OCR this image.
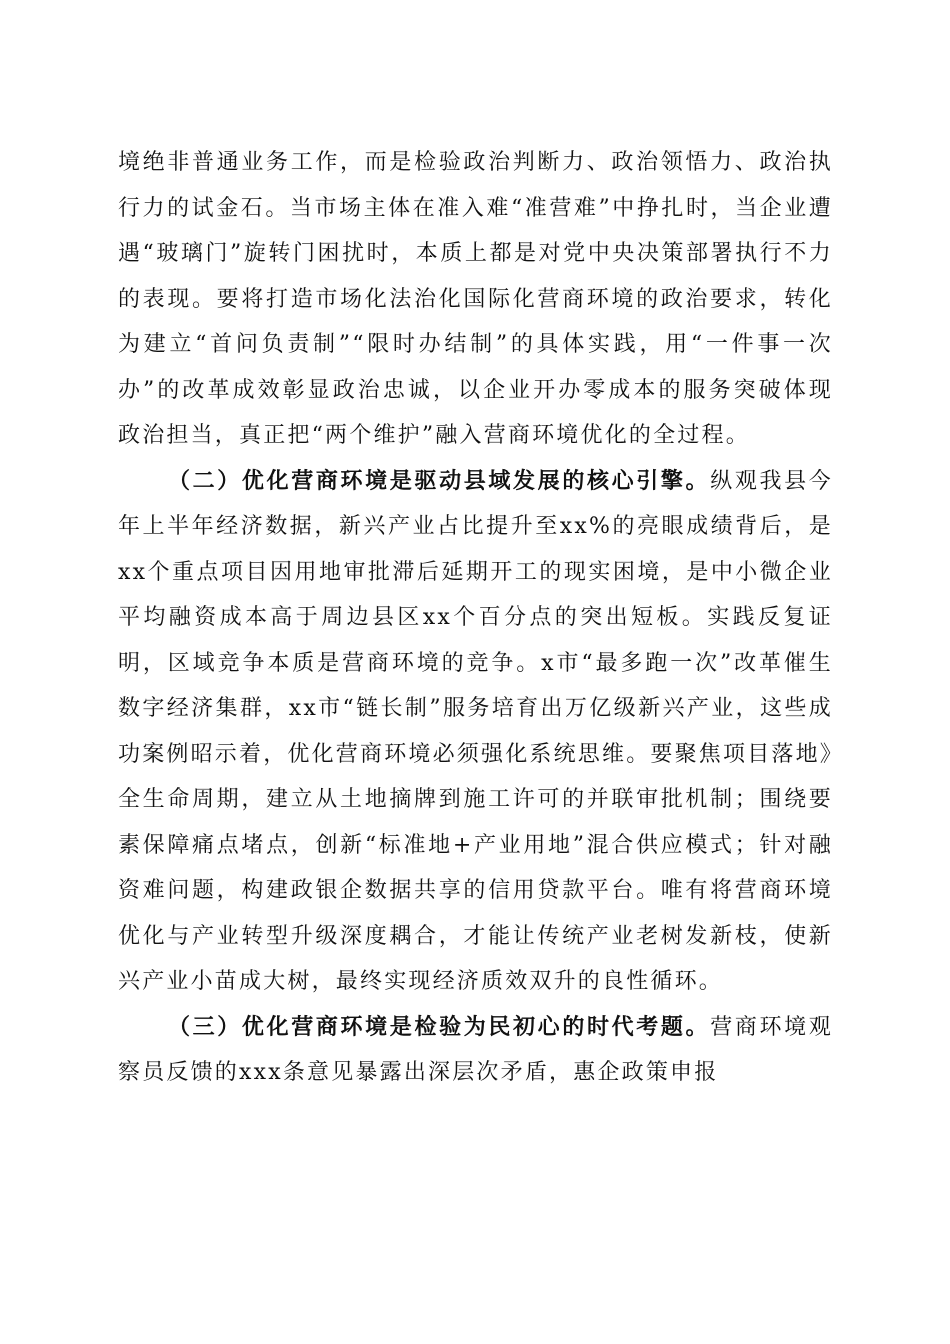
境绝非普通业务工作，而是检验政治判断力、政治领悟力、政治执行力的试金石。当市场主体在准入难“准营难”中挣扎时，当企业遭遇“玻璃门”旋转门困扰时，本质上都是对党中央决策部署执行不力的表现。要将打造市场化法治化国际化营商环境的政治要求，转化为建立“首问负责制”“限时办结制”的具体实践，用“一件事一次办”的改革成效彰显政治忠诚，以企业开办零成本的服务突破体现政治担当，真正把“两个维护”融入营商环境优化的全过程。

（二）优化营商环境是驱动县域发展的核心引擎。纵观我县今年上半年经济数据，新兴产业占比提升至xx%的亮眼成绩背后，是xx个重点项目因用地审批滞后延期开工的现实困境，是中小微企业平均融资成本高于周边县区xx个百分点的突出短板。实践反复证明，区域竞争本质是营商环境的竞争。x市“最多跑一次”改革催生数字经济集群，xx市“链长制”服务培育出万亿级新兴产业，这些成功案例昭示着，优化营商环境必须强化系统思维。要聚焦项目落地》全生命周期，建立从土地摘牌到施工许可的并联审批机制；围绕要素保障痛点堵点，创新“标准地+产业用地”混合供应模式；针对融资难问题，构建政银企数据共享的信用贷款平台。唯有将营商环境优化与产业转型升级深度耦合，才能让传统产业老树发新枝，使新兴产业小苗成大树，最终实现经济质效双升的良性循环。

（三）优化营商环境是检验为民初心的时代考题。营商环境观察员反馈的xxx条意见暴露出深层次矛盾，惠企政策申报
